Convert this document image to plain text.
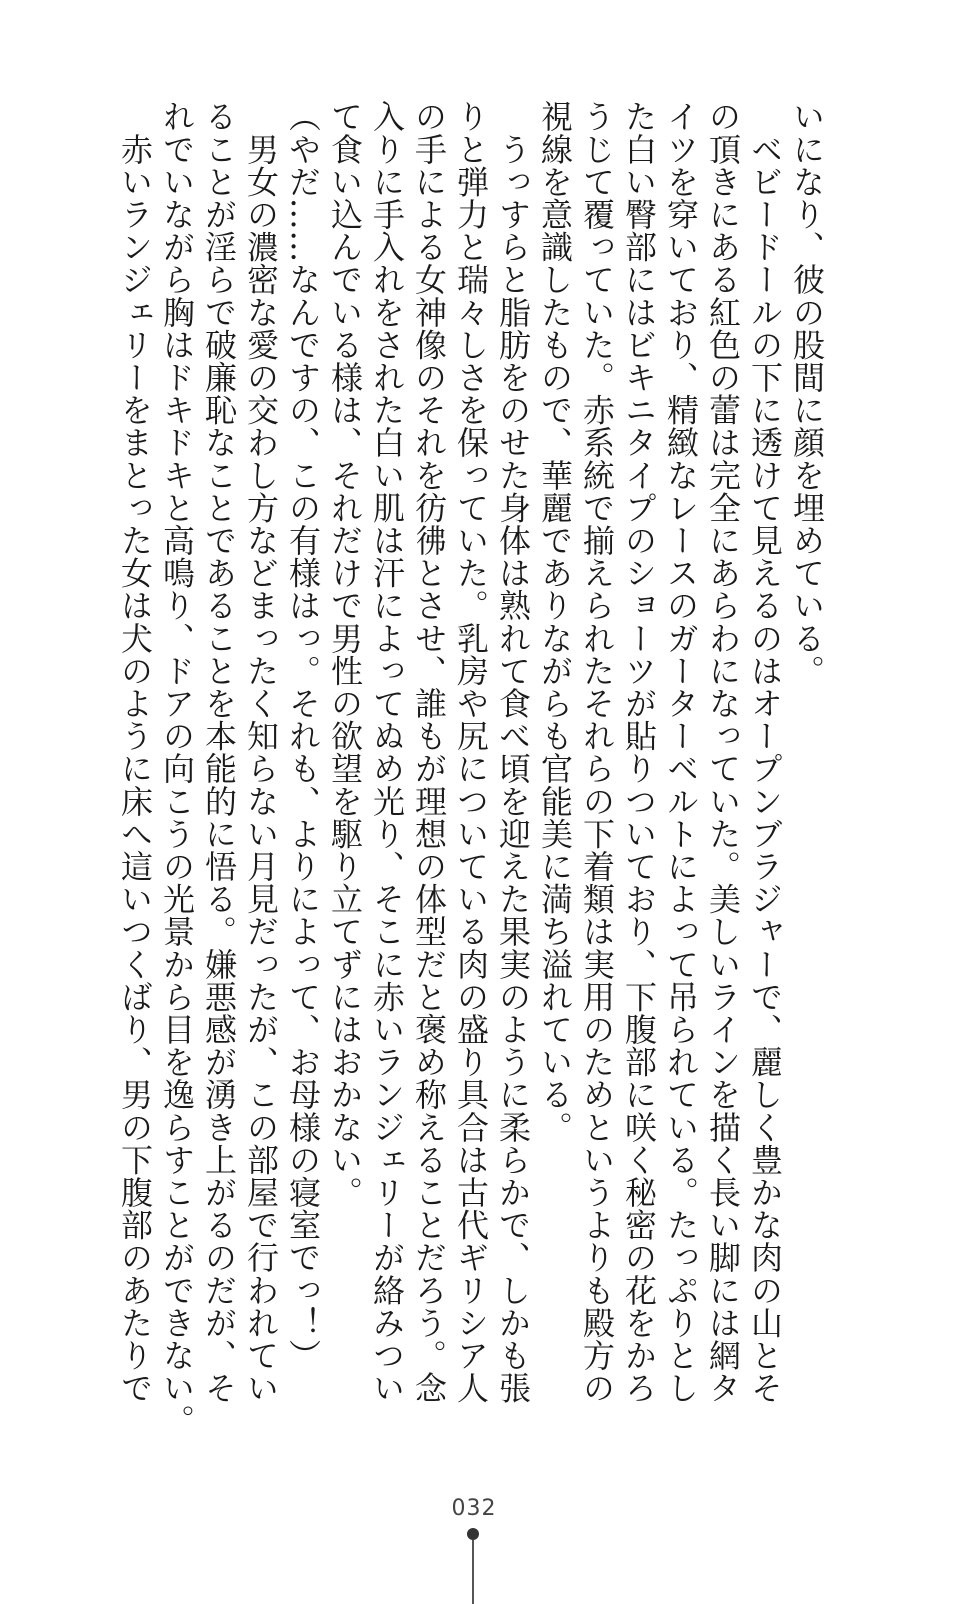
いになり、彼の股間に顔を埋めている。
　ベビードールの下に透けて見えるのはオープンブラジャーで、麗しく豊かな肉の山とそ
の頂きにある紅色の蕾は完全にあらわになっていた。美しいラインを描く長い脚には網タ
イツを穿いており、精緻なレースのガーターベルトによって吊られている。たっぷりとし
た白い臀部にはビキニタイプのショーツが貼りついており、下腹部に咲く秘密の花をかろ
うじて覆っていた。赤系統で揃えられたそれらの下着類は実用のためというよりも殿方の
視線を意識したもので、華麗でありながらも官能美に満ち溢れている。
　うっすらと脂肪をのせた身体は熟れて食べ頃を迎えた果実のように柔らかで、しかも張
りと弾力と瑞々しさを保っていた。乳房や尻についている肉の盛り具合は古代ギリシア人
の手による女神像のそれを彷彿とさせ、誰もが理想の体型だと褒め称えることだろう。念
入りに手入れをされた白い肌は汗によってぬめ光り、そこに赤いランジェリーが絡みつい
て食い込んでいる様は、それだけで男性の欲望を駆り立てずにはおかない。
（やだ……なんですの、この有様はっ。それも、よりによって、お母様の寝室でっ！）
　男女の濃密な愛の交わし方などまったく知らない月見だったが、この部屋で行われてい
ることが淫らで破廉恥なことであることを本能的に悟る。嫌悪感が湧き上がるのだが、そ
れでいながら胸はドキドキと高鳴り、ドアの向こうの光景から目を逸らすことができない。
　赤いランジェリーをまとった女は犬のように床へ這いつくばり、男の下腹部のあたりで
032
